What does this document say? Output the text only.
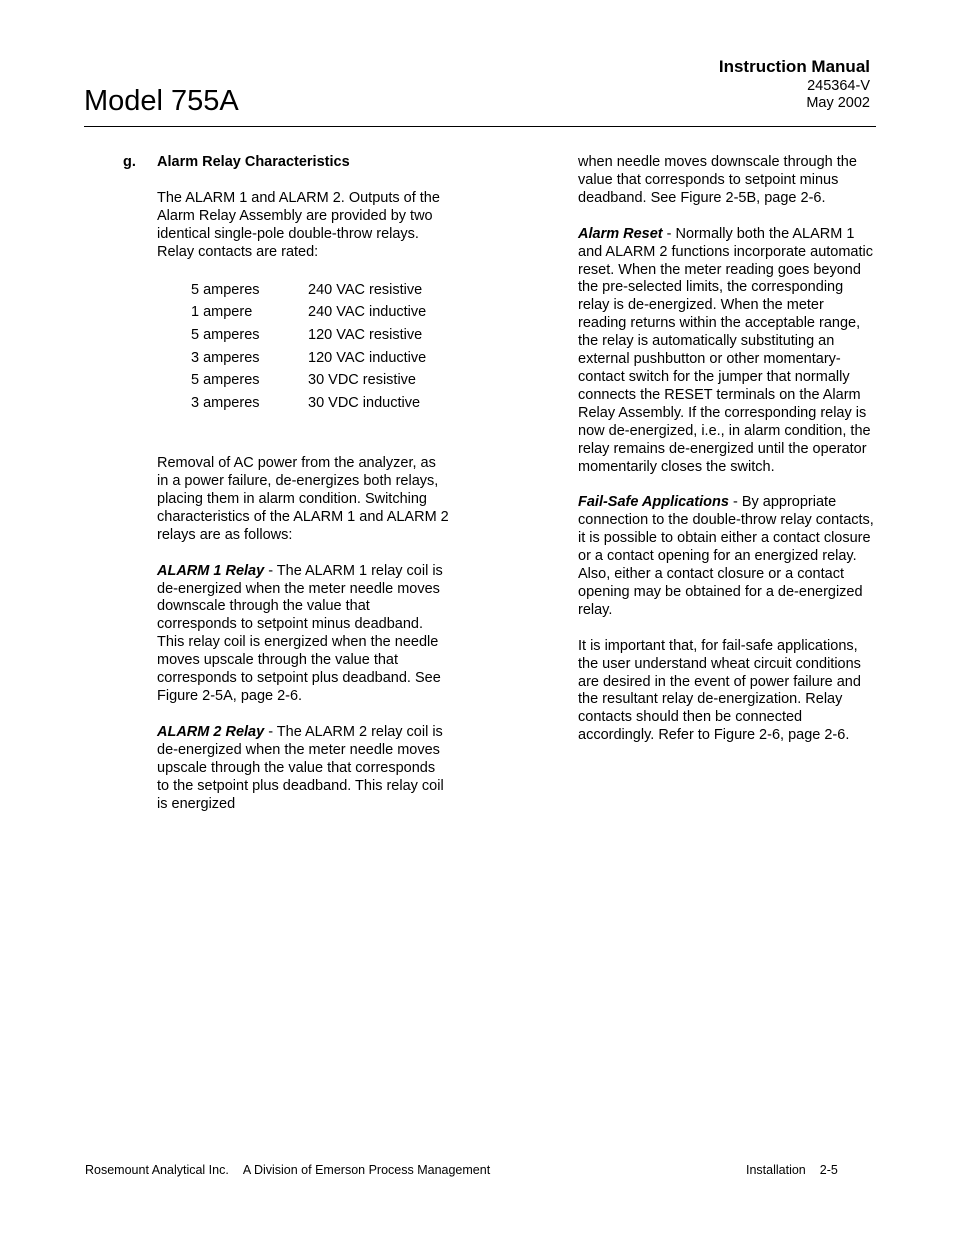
Model 755A
Instruction Manual
245364-V
May 2002
g. Alarm Relay Characteristics

The ALARM 1 and ALARM 2. Outputs of the Alarm Relay Assembly are provided by two identical single-pole double-throw relays. Relay contacts are rated:

5 amperes	240 VAC resistive
1 ampere	240 VAC inductive
5 amperes	120 VAC resistive
3 amperes	120 VAC inductive
5 amperes	30 VDC resistive
3 amperes	30 VDC inductive

Removal of AC power from the analyzer, as in a power failure, de-energizes both relays, placing them in alarm condition. Switching characteristics of the ALARM 1 and ALARM 2 relays are as follows:

ALARM 1 Relay - The ALARM 1 relay coil is de-energized when the meter needle moves downscale through the value that corresponds to setpoint minus deadband. This relay coil is energized when the needle moves upscale through the value that corresponds to setpoint plus deadband. See Figure 2-5A, page 2-6.

ALARM 2 Relay - The ALARM 2 relay coil is de-energized when the meter needle moves upscale through the value that corresponds to the setpoint plus deadband. This relay coil is energized

when needle moves downscale through the value that corresponds to setpoint minus deadband. See Figure 2-5B, page 2-6.

Alarm Reset - Normally both the ALARM 1 and ALARM 2 functions incorporate automatic reset. When the meter reading goes beyond the pre-selected limits, the corresponding relay is de-energized. When the meter reading returns within the acceptable range, the relay is automatically substituting an external pushbutton or other momentary-contact switch for the jumper that normally connects the RESET terminals on the Alarm Relay Assembly. If the corresponding relay is now de-energized, i.e., in alarm condition, the relay remains de-energized until the operator momentarily closes the switch.

Fail-Safe Applications - By appropriate connection to the double-throw relay contacts, it is possible to obtain either a contact closure or a contact opening for an energized relay. Also, either a contact closure or a contact opening may be obtained for a de-energized relay.

It is important that, for fail-safe applications, the user understand wheat circuit conditions are desired in the event of power failure and the resultant relay de-energization. Relay contacts should then be connected accordingly. Refer to Figure 2-6, page 2-6.

Rosemount Analytical Inc. A Division of Emerson Process Management	Installation 2-5
